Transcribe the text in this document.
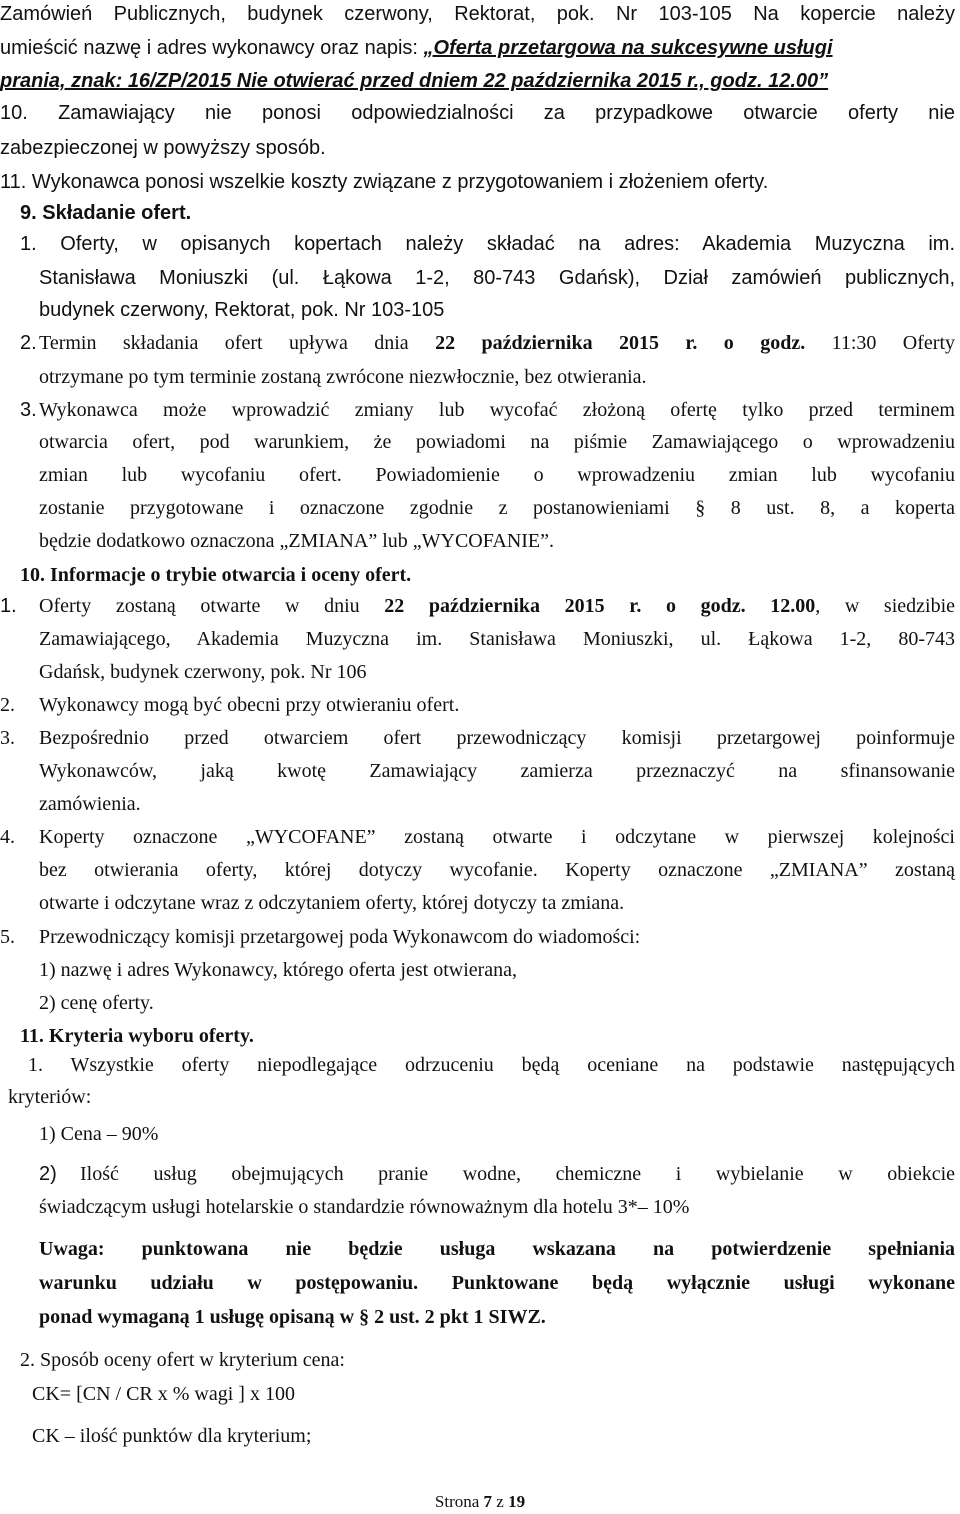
Zamówień Publicznych, budynek czerwony, Rektorat, pok. Nr 103-105 Na kopercie należy
umieścić nazwę i adres wykonawcy oraz napis: „Oferta przetargowa na sukcesywne usługi
prania, znak: 16/ZP/2015 Nie otwierać przed dniem 22 października 2015 r., godz. 12.00”
10. Zamawiający nie ponosi odpowiedzialności za przypadkowe otwarcie oferty nie
zabezpieczonej w powyższy sposób.
11. Wykonawca ponosi wszelkie koszty związane z przygotowaniem i złożeniem oferty.
9. Składanie ofert.
1. Oferty, w opisanych kopertach należy składać na adres: Akademia Muzyczna im.
Stanisława Moniuszki (ul. Łąkowa 1-2, 80-743 Gdańsk), Dział zamówień publicznych,
budynek czerwony, Rektorat, pok. Nr 103-105
2. Termin składania ofert upływa dnia 22 października 2015 r. o godz. 11:30 Oferty
otrzymane po tym terminie zostaną zwrócone niezwłocznie, bez otwierania.
3. Wykonawca może wprowadzić zmiany lub wycofać złożoną ofertę tylko przed terminem
otwarcia ofert, pod warunkiem, że powiadomi na piśmie Zamawiającego o wprowadzeniu
zmian lub wycofaniu ofert. Powiadomienie o wprowadzeniu zmian lub wycofaniu
zostanie przygotowane i oznaczone zgodnie z postanowieniami § 8 ust. 8, a koperta
będzie dodatkowo oznaczona „ZMIANA” lub „WYCOFANIE”.
10. Informacje o trybie otwarcia i oceny ofert.
1. Oferty zostaną otwarte w dniu 22 października 2015 r. o godz. 12.00, w siedzibie
Zamawiającego, Akademia Muzyczna im. Stanisława Moniuszki, ul. Łąkowa 1-2, 80-743
Gdańsk, budynek czerwony, pok. Nr 106
2. Wykonawcy mogą być obecni przy otwieraniu ofert.
3. Bezpośrednio przed otwarciem ofert przewodniczący komisji przetargowej poinformuje
Wykonawców, jaką kwotę Zamawiający zamierza przeznaczyć na sfinansowanie
zamówienia.
4. Koperty oznaczone „WYCOFANE” zostaną otwarte i odczytane w pierwszej kolejności
bez otwierania oferty, której dotyczy wycofanie. Koperty oznaczone „ZMIANA” zostaną
otwarte i odczytane wraz z odczytaniem oferty, której dotyczy ta zmiana.
5. Przewodniczący komisji przetargowej poda Wykonawcom do wiadomości:
1) nazwę i adres Wykonawcy, którego oferta jest otwierana,
2) cenę oferty.
11. Kryteria wyboru oferty.
1. Wszystkie oferty niepodlegające odrzuceniu będą oceniane na podstawie następujących
kryteriów:
1) Cena – 90%
2) Ilość usług obejmujących pranie wodne, chemiczne i wybielanie w obiekcie
świadczącym usługi hotelarskie o standardzie równoważnym dla hotelu 3*– 10%
Uwaga: punktowana nie będzie usługa wskazana na potwierdzenie spełniania
warunku udziału w postępowaniu. Punktowane będą wyłącznie usługi wykonane
ponad wymaganą 1 usługę opisaną w § 2 ust. 2 pkt 1 SIWZ.
2. Sposób oceny ofert w kryterium cena:
CK= [CN / CR x % wagi ] x 100
CK – ilość punktów dla kryterium;
Strona 7 z 19
